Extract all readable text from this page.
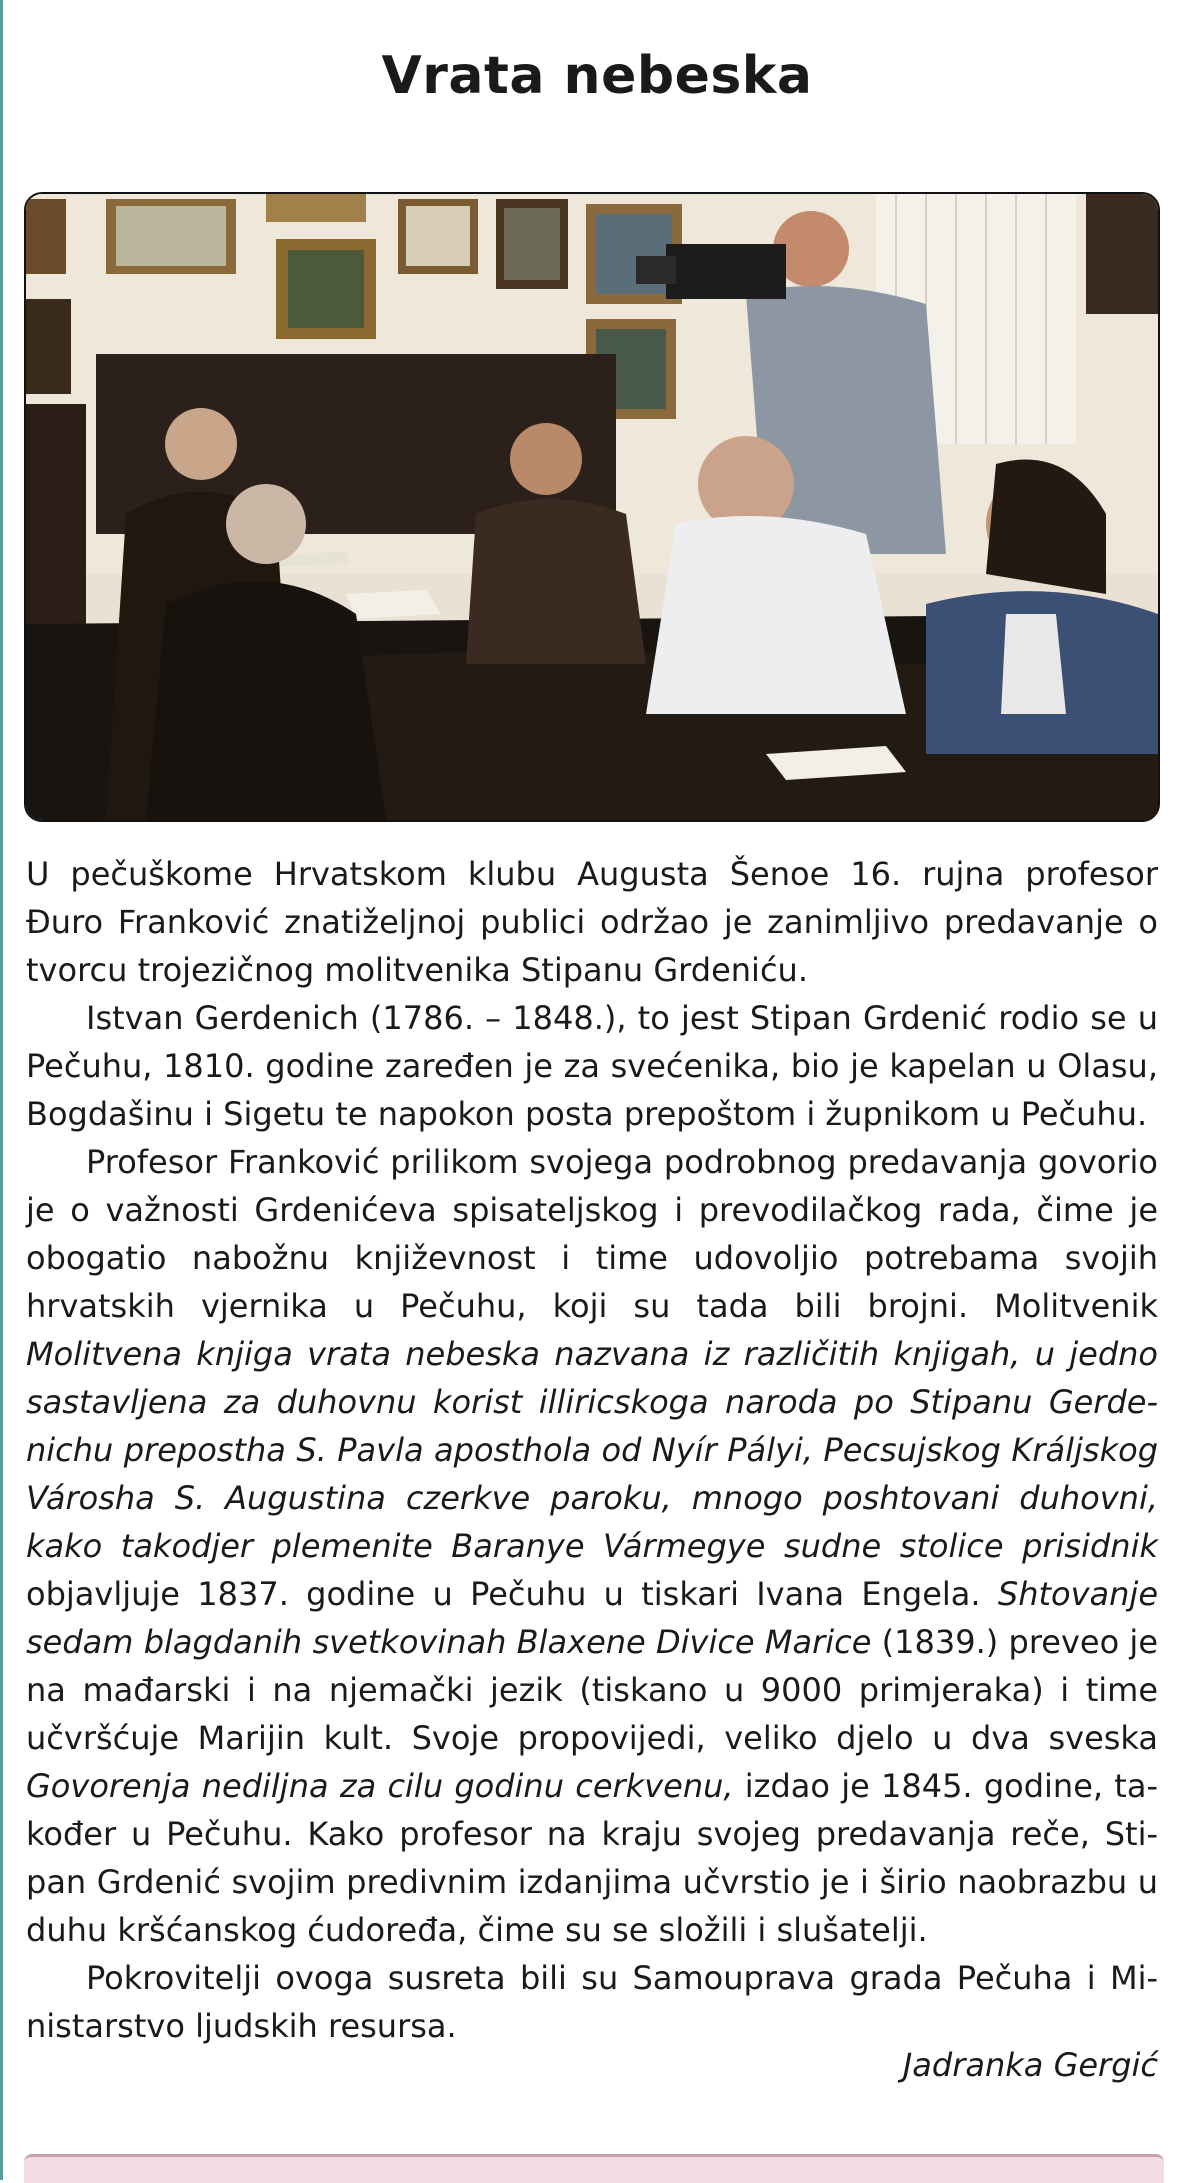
Vrata nebeska

U pečuškome Hrvatskom klubu Augusta Šenoe 16. rujna profesor Đuro Franković znatiželjnoj publici održao je zanimljivo predavanje o tvorcu trojezičnog molitvenika Stipanu Grdeniću.

Istvan Gerdenich (1786. – 1848.), to jest Stipan Grdenić rodio se u Pečuhu, 1810. godine zaređen je za svećenika, bio je kapelan u Olasu, Bogdašinu i Sigetu te napokon posta prepoštom i župnikom u Pečuhu.

Profesor Franković prilikom svojega podrobnog predavanja govorio je o važnosti Grdenićeva spisateljskog i prevodilačkog rada, čime je obogatio nabožnu književnost i time udovoljio potrebama svojih hrvatskih vjernika u Pečuhu, koji su tada bili brojni. Molitvenik Molitvena knjiga vrata nebeska nazvana iz različitih knjigah, u jedno sastavljena za duhovnu korist illiricskoga naroda po Stipanu Gerdenichu prepostha S. Pavla aposthola od Nyír Pályi, Pecsujskog Králjskog Városha S. Augustina czerkve paroku, mnogo poshtovani duhovni, kako takodjer plemenite Baranye Vármegye sudne stolice prisidnik objavljuje 1837. godine u Pečuhu u tiskari Ivana Engela. Shtovanje sedam blagdanih svetkovinah Blaxene Divice Marice (1839.) preveo je na mađarski i na njemački jezik (tiskano u 9000 primjeraka) i time učvršćuje Marijin kult. Svoje propovijedi, veliko djelo u dva sveska Govorenja nediljna za cilu godinu cerkvenu, izdao je 1845. godine, također u Pečuhu. Kako profesor na kraju svojeg predavanja reče, Stipan Grdenić svojim predivnim izdanjima učvrstio je i širio naobrazbu u duhu kršćanskog ćudoređa, čime su se složili i slušatelji.

Pokrovitelji ovoga susreta bili su Samouprava grada Pečuha i Ministarstvo ljudskih resursa.

Jadranka Gergić
